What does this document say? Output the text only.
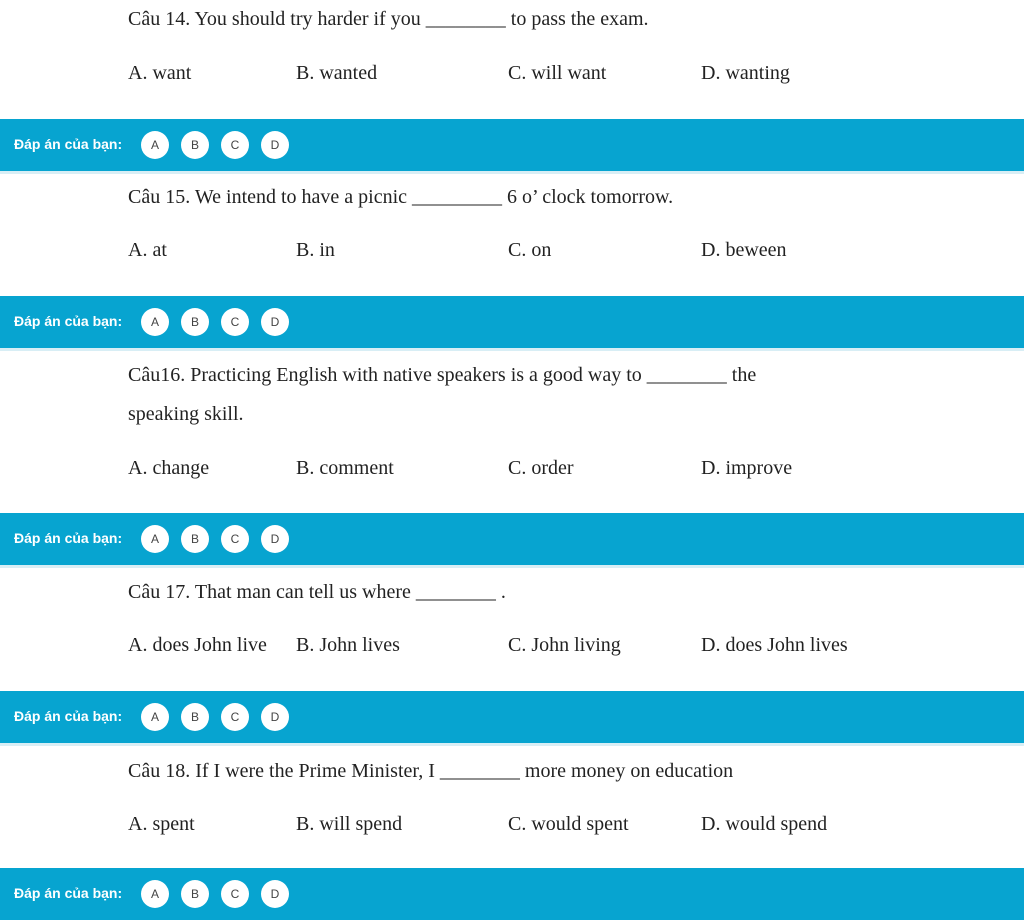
Câu 14. You should try harder if you ________ to pass the exam.
A. want	B. wanted	C. will want	D. wanting
Đáp án của bạn:	A	B	C	D
Câu 15. We intend to have a picnic _________ 6 o’ clock tomorrow.
A. at	B. in	C. on	D. beween
Đáp án của bạn:	A	B	C	D
Câu16. Practicing English with native speakers is a good way to ________ the
speaking skill.
A. change	B. comment	C. order	D. improve
Đáp án của bạn:	A	B	C	D
Câu 17. That man can tell us where ________ .
A. does John live B. John lives	C. John living	D. does John lives
Đáp án của bạn:	A	B	C	D
Câu 18. If I were the Prime Minister, I ________ more money on education
A. spent	B. will spend	C. would spent	D. would spend
Đáp án của bạn:	A	B	C	D
